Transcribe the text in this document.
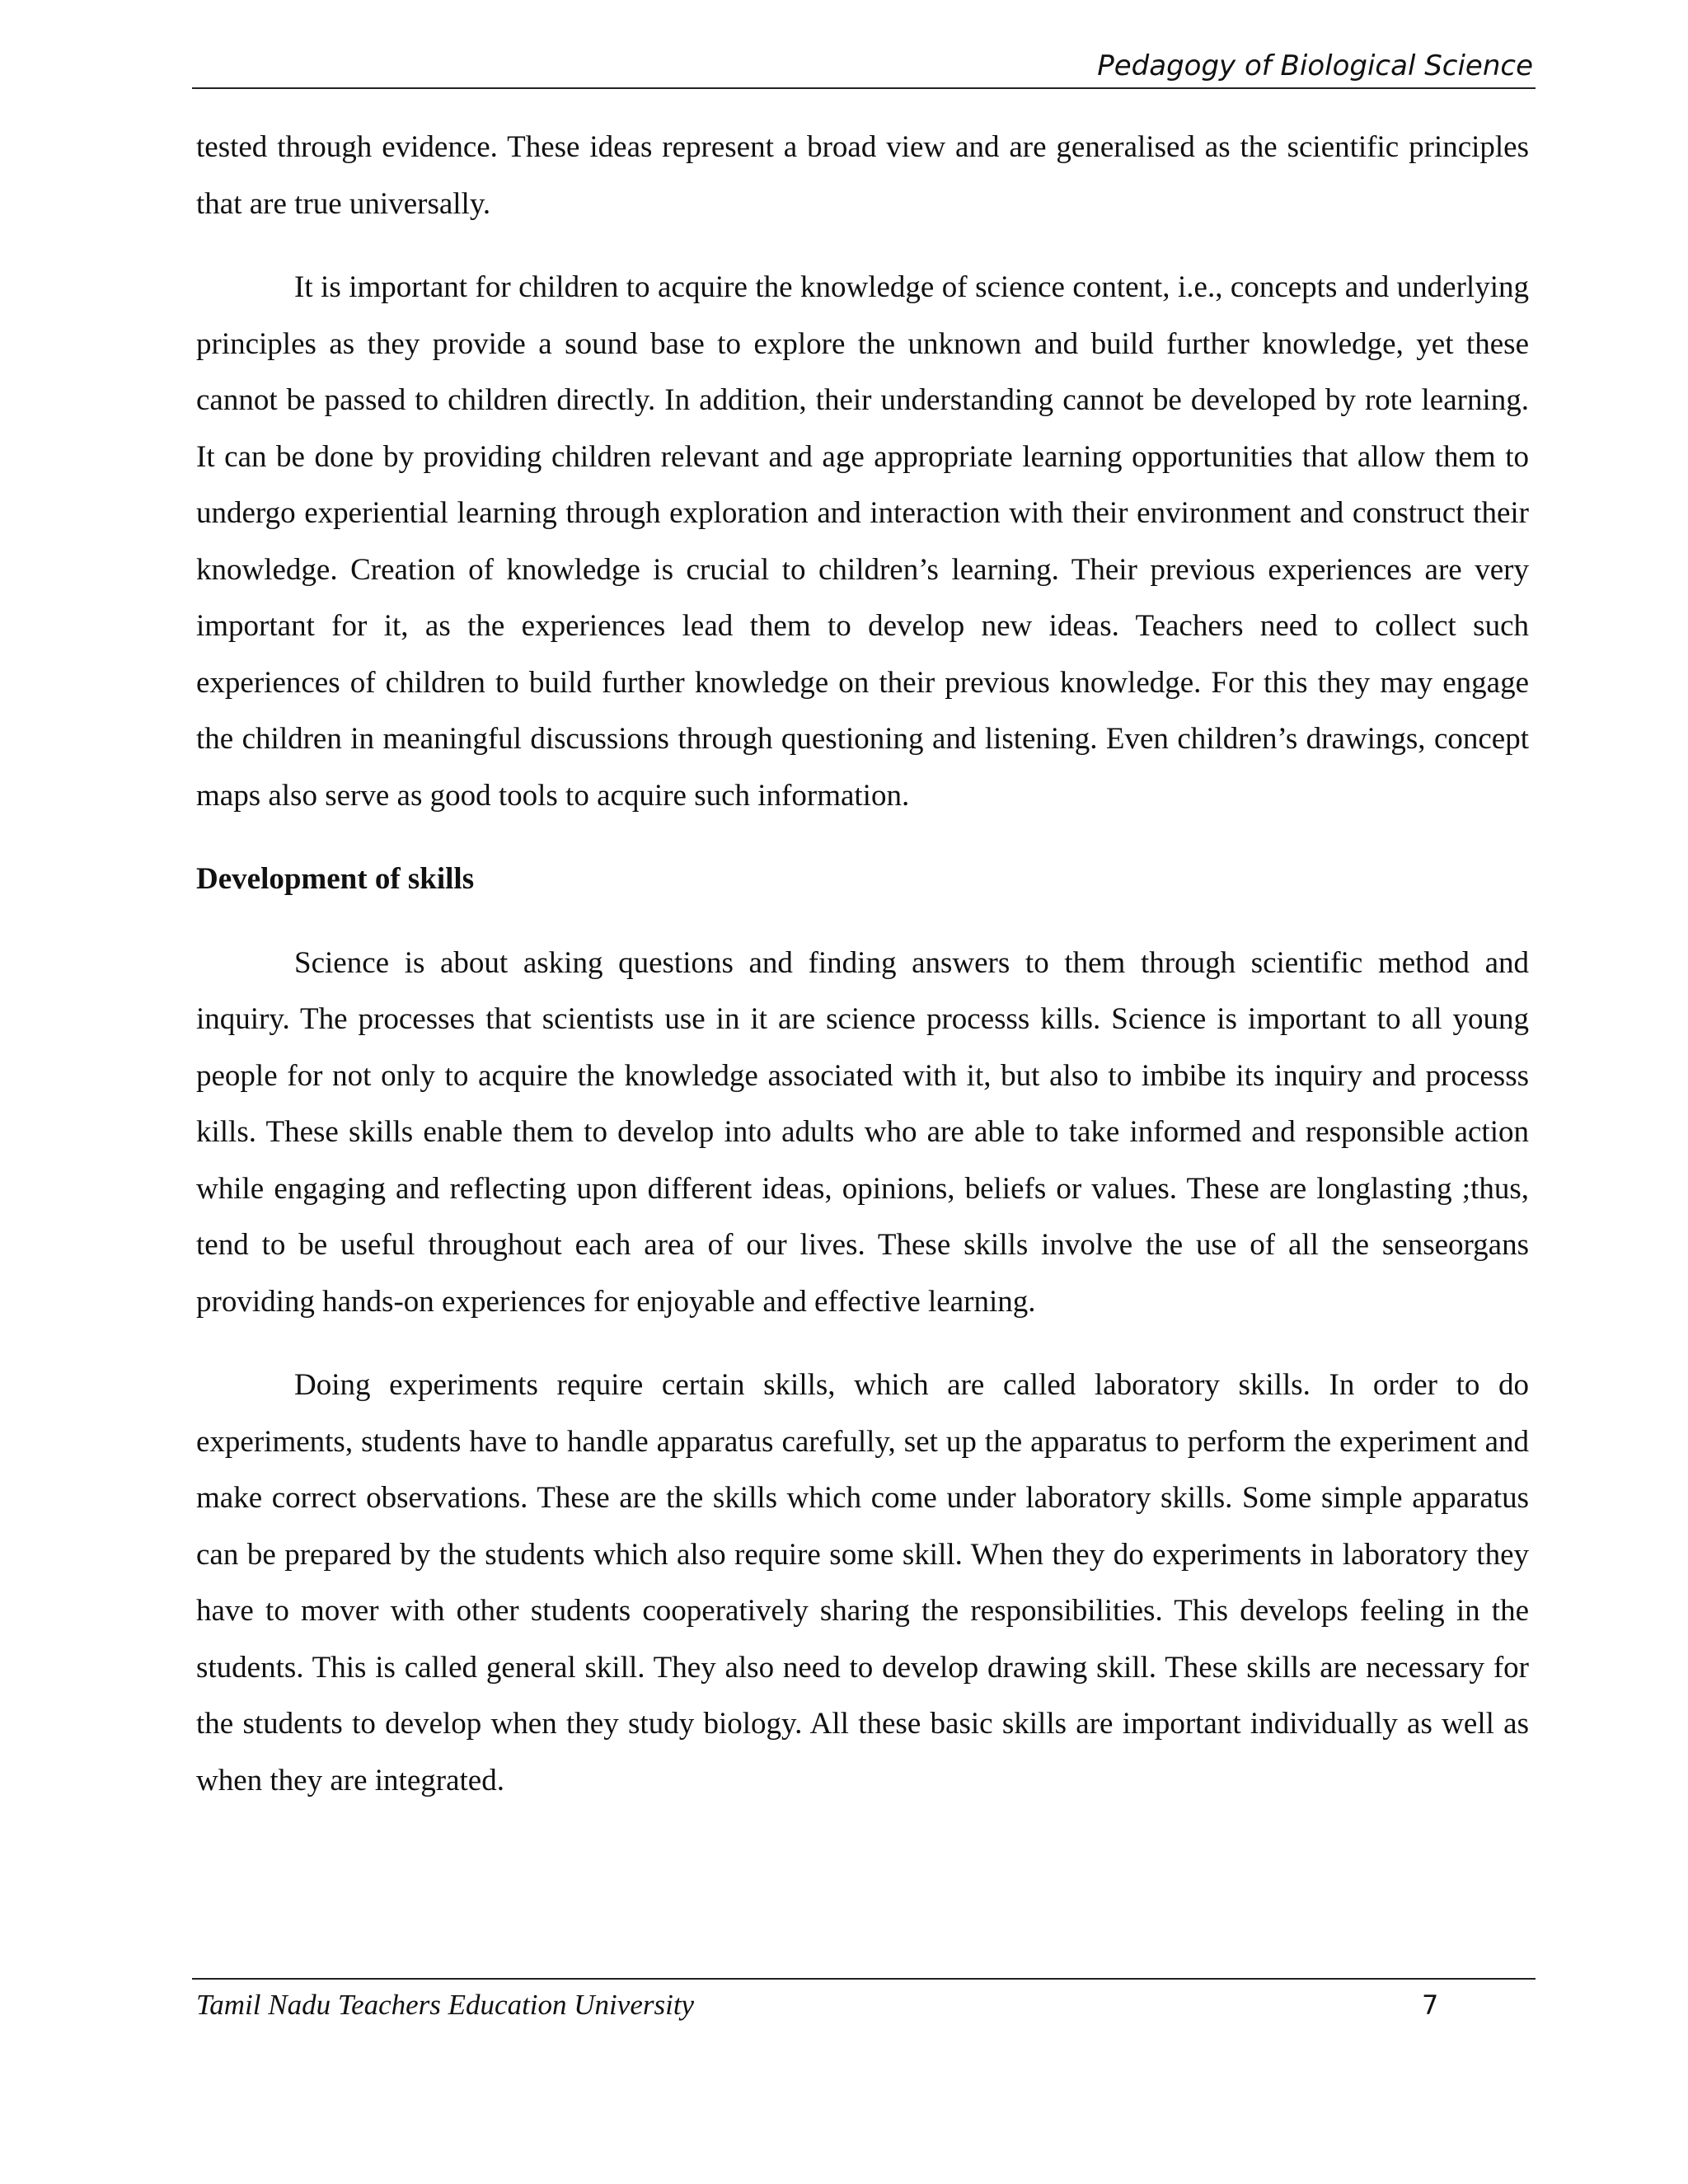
Pedagogy of Biological Science

tested through evidence. These ideas represent a broad view and are generalised as the scientific principles that are true universally.

It is important for children to acquire the knowledge of science content, i.e., concepts and underlying principles as they provide a sound base to explore the unknown and build further knowledge, yet these cannot be passed to children directly. In addition, their understanding cannot be developed by rote learning. It can be done by providing children relevant and age appropriate learning opportunities that allow them to undergo experiential learning through exploration and interaction with their environment and construct their knowledge. Creation of knowledge is crucial to children’s learning. Their previous experiences are very important for it, as the experiences lead them to develop new ideas. Teachers need to collect such experiences of children to build further knowledge on their previous knowledge. For this they may engage the children in meaningful discussions through questioning and listening. Even children’s drawings, concept maps also serve as good tools to acquire such information.

Development of skills

Science is about asking questions and finding answers to them through scientific method and inquiry. The processes that scientists use in it are science processs kills. Science is important to all young people for not only to acquire the knowledge associated with it, but also to imbibe its inquiry and processs kills. These skills enable them to develop into adults who are able to take informed and responsible action while engaging and reflecting upon different ideas, opinions, beliefs or values. These are longlasting ;thus, tend to be useful throughout each area of our lives. These skills involve the use of all the senseorgans providing hands-on experiences for enjoyable and effective learning.

Doing experiments require certain skills, which are called laboratory skills. In order to do experiments, students have to handle apparatus carefully, set up the apparatus to perform the experiment and make correct observations. These are the skills which come under laboratory skills. Some simple apparatus can be prepared by the students which also require some skill. When they do experiments in laboratory they have to mover with other students cooperatively sharing the responsibilities. This develops feeling in the students. This is called general skill. They also need to develop drawing skill. These skills are necessary for the students to develop when they study biology. All these basic skills are important individually as well as when they are integrated.

Tamil Nadu Teachers Education University	7
